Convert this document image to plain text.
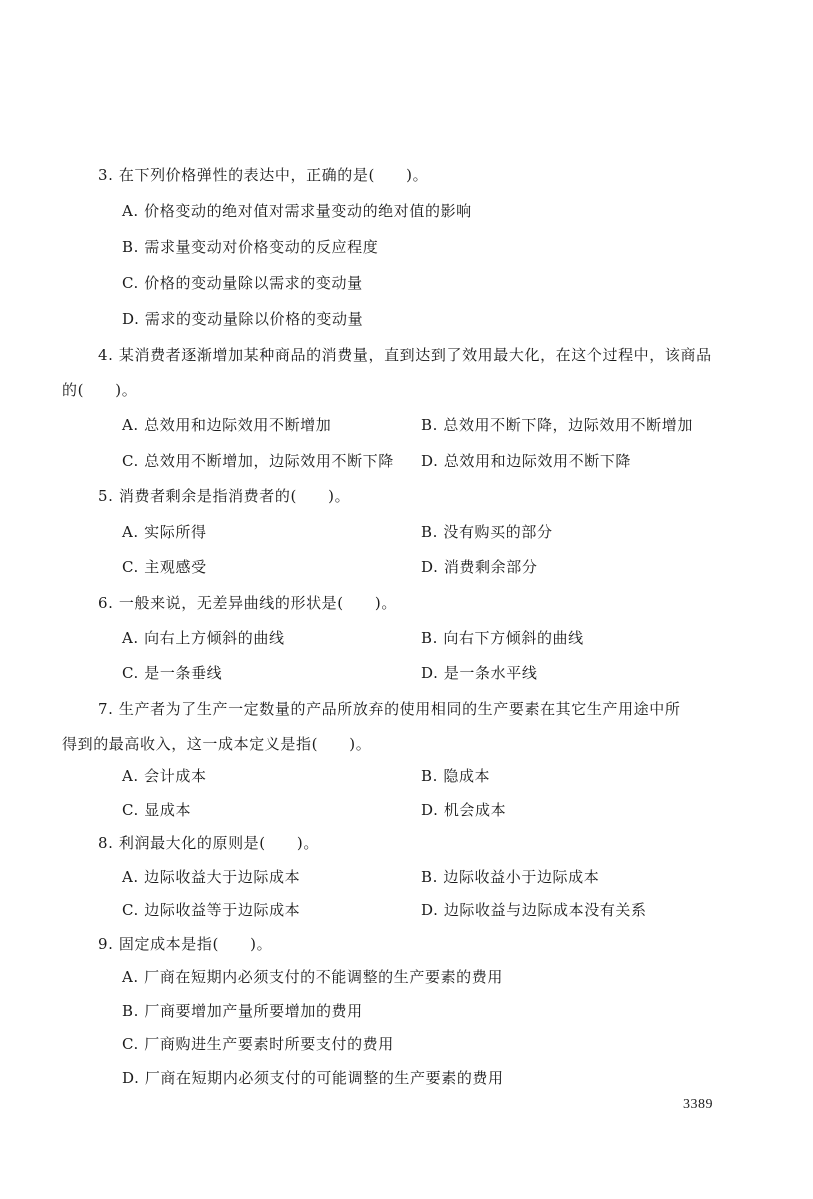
3. 在下列价格弹性的表达中，正确的是(　　)。
A. 价格变动的绝对值对需求量变动的绝对值的影响
B. 需求量变动对价格变动的反应程度
C. 价格的变动量除以需求的变动量
D. 需求的变动量除以价格的变动量
4. 某消费者逐渐增加某种商品的消费量，直到达到了效用最大化，在这个过程中，该商品
的(　　)。
A. 总效用和边际效用不断增加	B. 总效用不断下降，边际效用不断增加
C. 总效用不断增加，边际效用不断下降 D. 总效用和边际效用不断下降
5. 消费者剩余是指消费者的(　　)。
A. 实际所得	B. 没有购买的部分
C. 主观感受	D. 消费剩余部分
6. 一般来说，无差异曲线的形状是(　　)。
A. 向右上方倾斜的曲线	B. 向右下方倾斜的曲线
C. 是一条垂线	D. 是一条水平线
7. 生产者为了生产一定数量的产品所放弃的使用相同的生产要素在其它生产用途中所
得到的最高收入，这一成本定义是指(　　)。
A. 会计成本	B. 隐成本
C. 显成本	D. 机会成本
8. 利润最大化的原则是(　　)。
A. 边际收益大于边际成本	B. 边际收益小于边际成本
C. 边际收益等于边际成本	D. 边际收益与边际成本没有关系
9. 固定成本是指(　　)。
A. 厂商在短期内必须支付的不能调整的生产要素的费用
B. 厂商要增加产量所要增加的费用
C. 厂商购进生产要素时所要支付的费用
D. 厂商在短期内必须支付的可能调整的生产要素的费用
3389
